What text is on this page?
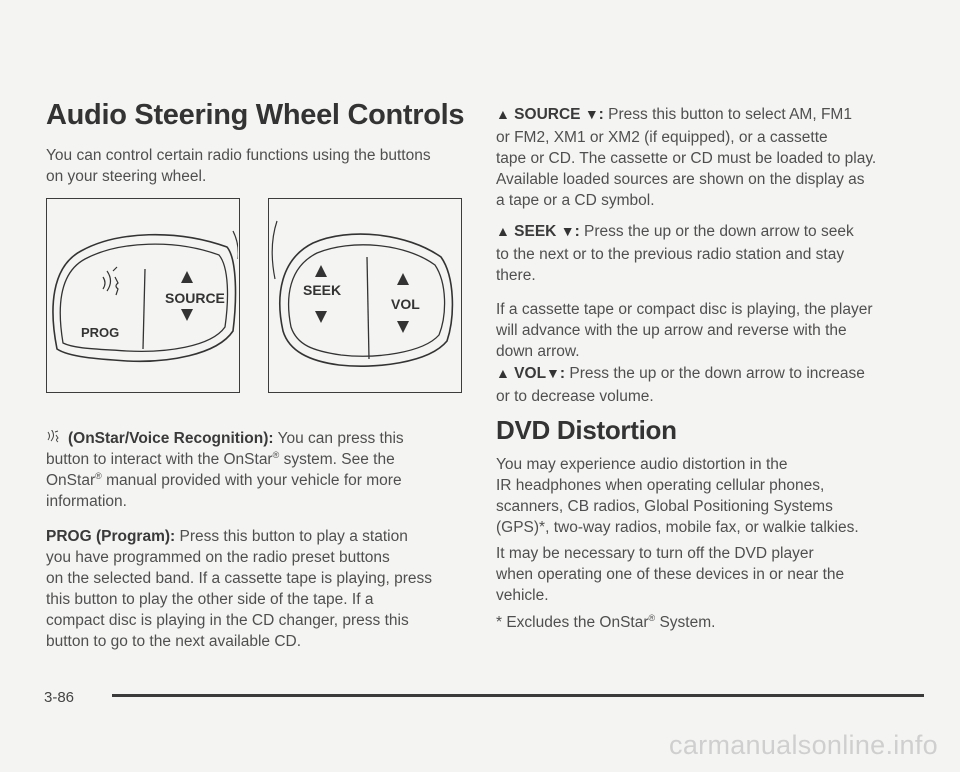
Audio Steering Wheel Controls

You can control certain radio functions using the buttons

on your steering wheel.

SOURCE
PROG
SEEK
VOL

(OnStar/Voice Recognition): You can press this

button to interact with the OnStar® system. See the

OnStar® manual provided with your vehicle for more

information.

PROG (Program): Press this button to play a station

you have programmed on the radio preset buttons

on the selected band. If a cassette tape is playing, press

this button to play the other side of the tape. If a

compact disc is playing in the CD changer, press this

button to go to the next available CD.

▲ SOURCE ▼: Press this button to select AM, FM1

or FM2, XM1 or XM2 (if equipped), or a cassette

tape or CD. The cassette or CD must be loaded to play.

Available loaded sources are shown on the display as

a tape or a CD symbol.

▲ SEEK ▼: Press the up or the down arrow to seek

to the next or to the previous radio station and stay

there.

If a cassette tape or compact disc is playing, the player

will advance with the up arrow and reverse with the

down arrow.

▲ VOL▼: Press the up or the down arrow to increase

or to decrease volume.

DVD Distortion

You may experience audio distortion in the

IR headphones when operating cellular phones,

scanners, CB radios, Global Positioning Systems

(GPS)*, two-way radios, mobile fax, or walkie talkies.

It may be necessary to turn off the DVD player

when operating one of these devices in or near the

vehicle.

* Excludes the OnStar® System.

3-86
carmanualsonline.info
